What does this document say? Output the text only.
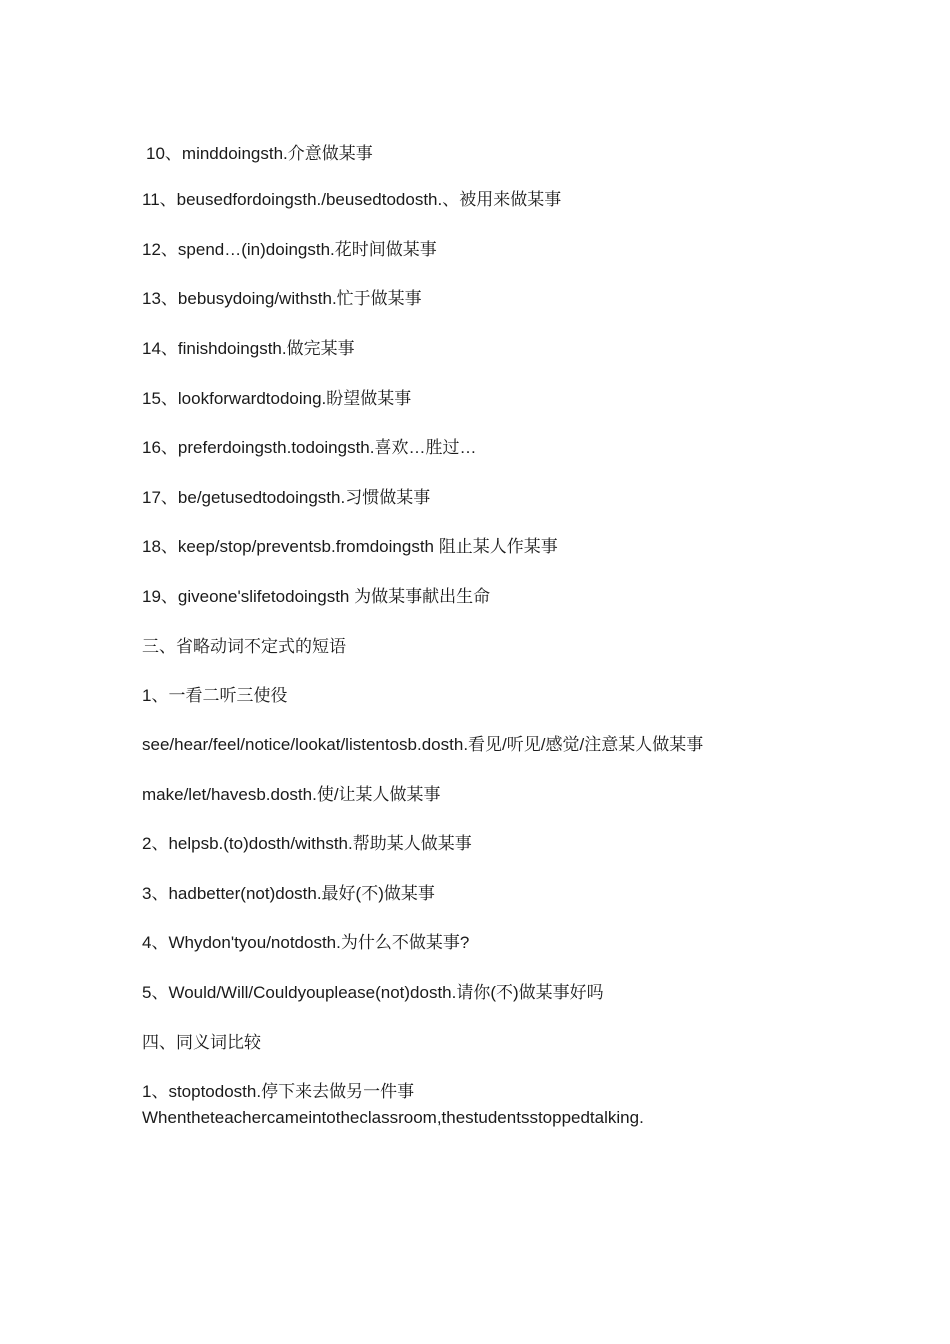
10、minddoingsth.介意做某事

11、beusedfordoingsth./beusedtodosth.、被用来做某事

12、spend…(in)doingsth.花时间做某事

13、bebusydoing/withsth.忙于做某事

14、finishdoingsth.做完某事

15、lookforwardtodoing.盼望做某事

16、preferdoingsth.todoingsth.喜欢…胜过…

17、be/getusedtodoingsth.习惯做某事

18、keep/stop/preventsb.fromdoingsth 阻止某人作某事

19、giveone'slifetodoingsth 为做某事献出生命

三、省略动词不定式的短语

1、一看二听三使役

see/hear/feel/notice/lookat/listentosb.dosth.看见/听见/感觉/注意某人做某事

make/let/havesb.dosth.使/让某人做某事

2、helpsb.(to)dosth/withsth.帮助某人做某事

3、hadbetter(not)dosth.最好(不)做某事

4、Whydon'tyou/notdosth.为什么不做某事?

5、Would/Will/Couldyouplease(not)dosth.请你(不)做某事好吗

四、同义词比较

1、stoptodosth.停下来去做另一件事

Whentheteachercameintotheclassroom,thestudentsstoppedtalking.
